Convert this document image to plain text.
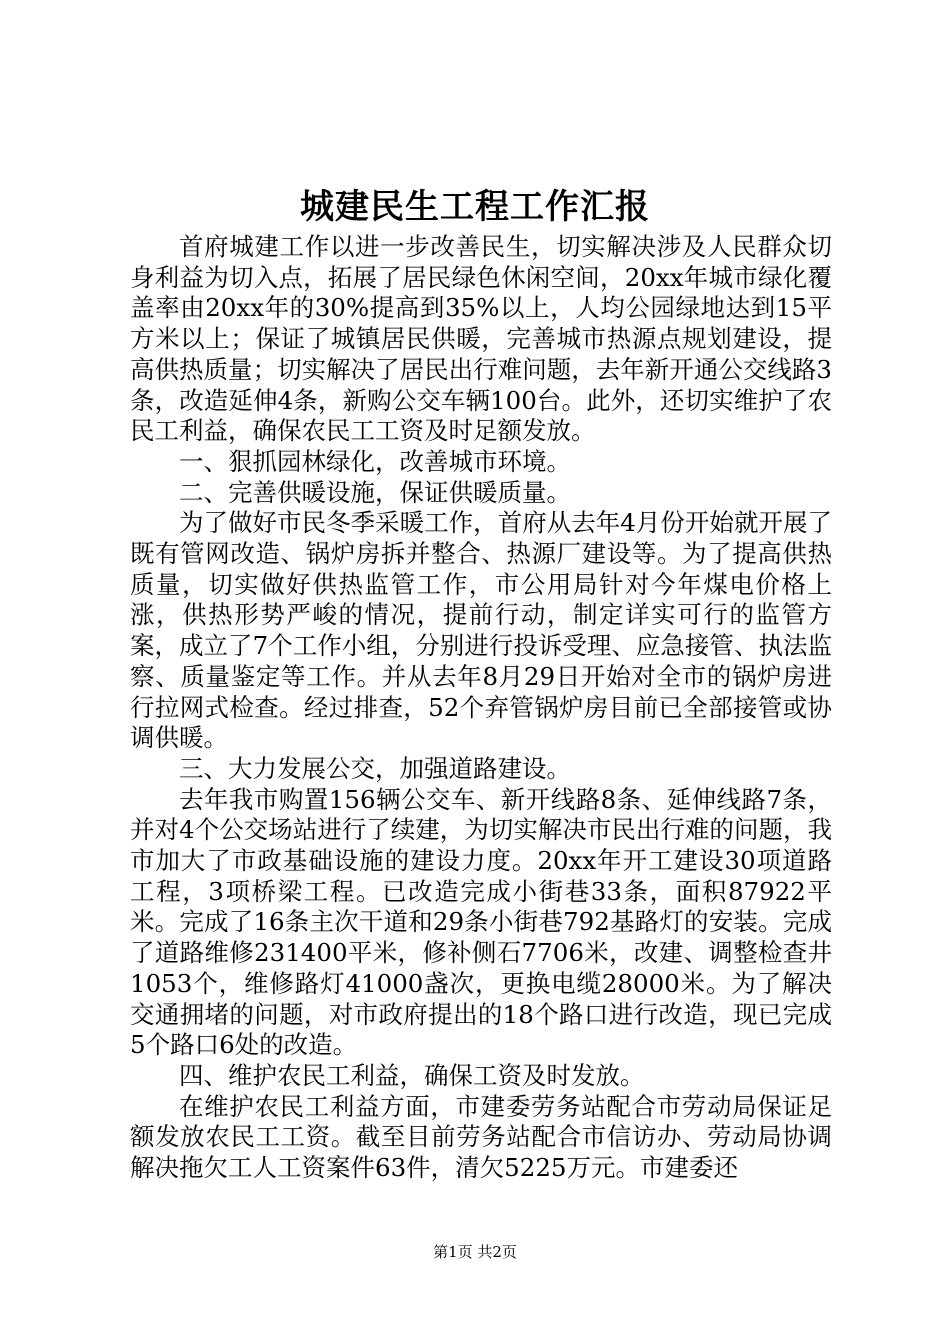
城建民生工程工作汇报

首府城建工作以进一步改善民生，切实解决涉及人民群众切身利益为切入点，拓展了居民绿色休闲空间，20xx年城市绿化覆盖率由20xx年的30%提高到35%以上，人均公园绿地达到15平方米以上；保证了城镇居民供暖，完善城市热源点规划建设，提高供热质量；切实解决了居民出行难问题，去年新开通公交线路3条，改造延伸4条，新购公交车辆100台。此外，还切实维护了农民工利益，确保农民工工资及时足额发放。

一、狠抓园林绿化，改善城市环境。

二、完善供暖设施，保证供暖质量。

为了做好市民冬季采暖工作，首府从去年4月份开始就开展了既有管网改造、锅炉房拆并整合、热源厂建设等。为了提高供热质量，切实做好供热监管工作，市公用局针对今年煤电价格上涨，供热形势严峻的情况，提前行动，制定详实可行的监管方案，成立了7个工作小组，分别进行投诉受理、应急接管、执法监察、质量鉴定等工作。并从去年8月29日开始对全市的锅炉房进行拉网式检查。经过排查，52个弃管锅炉房目前已全部接管或协调供暖。

三、大力发展公交，加强道路建设。

去年我市购置156辆公交车、新开线路8条、延伸线路7条，并对4个公交场站进行了续建，为切实解决市民出行难的问题，我市加大了市政基础设施的建设力度。20xx年开工建设30项道路工程，3项桥梁工程。已改造完成小街巷33条，面积87922平米。完成了16条主次干道和29条小街巷792基路灯的安装。完成了道路维修231400平米，修补侧石7706米，改建、调整检查井1053个，维修路灯41000盏次，更换电缆28000米。为了解决交通拥堵的问题，对市政府提出的18个路口进行改造，现已完成5个路口6处的改造。

四、维护农民工利益，确保工资及时发放。

在维护农民工利益方面，市建委劳务站配合市劳动局保证足额发放农民工工资。截至目前劳务站配合市信访办、劳动局协调解决拖欠工人工资案件63件，清欠5225万元。市建委还

第1页 共2页
